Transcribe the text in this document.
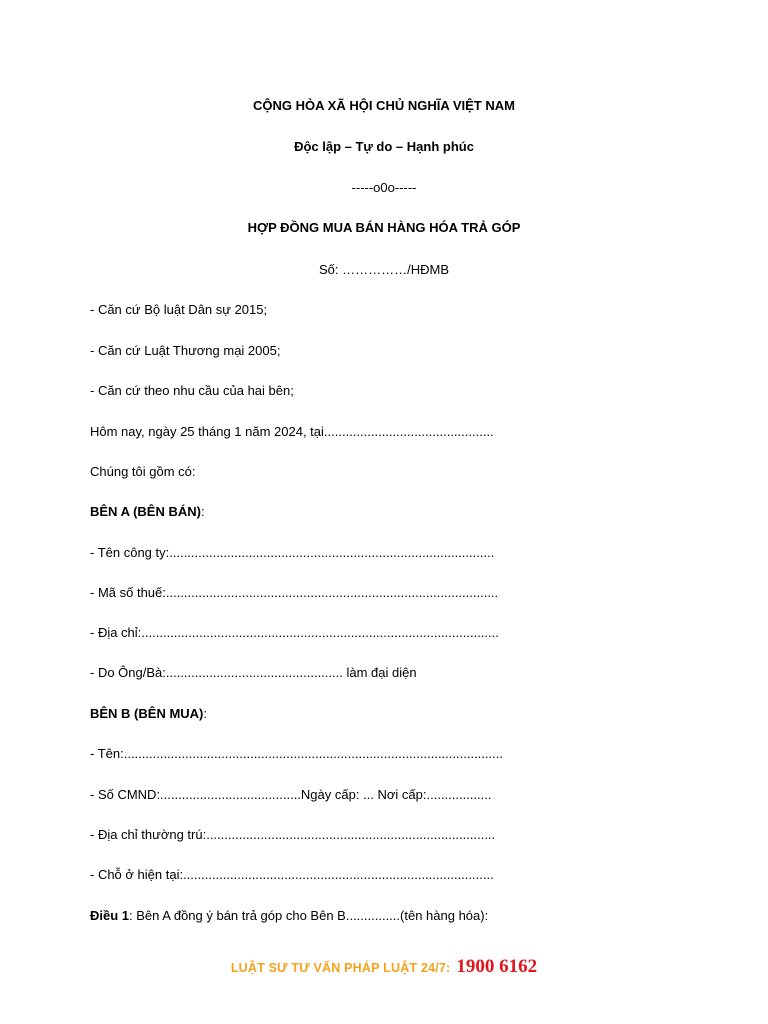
CỘNG HÒA XÃ HỘI CHỦ NGHĨA VIỆT NAM
Độc lập – Tự do – Hạnh phúc
-----o0o-----
HỢP ĐỒNG MUA BÁN HÀNG HÓA TRẢ GÓP
Số: ……………/HĐMB
- Căn cứ Bộ luật Dân sự 2015;
- Căn cứ Luật Thương mại 2005;
- Căn cứ theo nhu cầu của hai bên;
Hôm nay, ngày 25 tháng 1 năm 2024, tại...............................................
Chúng tôi gồm có:
BÊN A (BÊN BÁN):
- Tên công ty:..........................................................................................
- Mã số thuế:............................................................................................
- Địa chỉ:...................................................................................................
- Do Ông/Bà:................................................. làm đại diện
BÊN B (BÊN MUA):
- Tên:.........................................................................................................
- Số CMND:.......................................Ngày cấp: ... Nơi cấp:..................
- Địa chỉ thường trú:................................................................................
- Chỗ ở hiện tại:......................................................................................
Điều 1: Bên A đồng ý bán trả góp cho Bên B...............(tên hàng hóa):
LUẬT SƯ TƯ VẤN PHÁP LUẬT 24/7: 1900 6162
